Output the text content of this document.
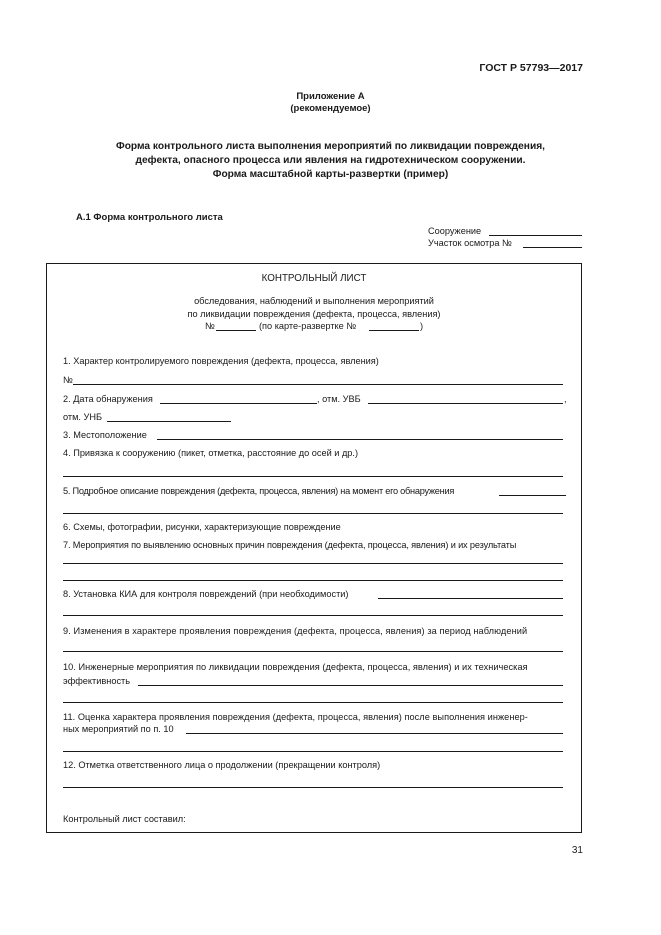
ГОСТ Р 57793—2017
Приложение А
(рекомендуемое)
Форма контрольного листа выполнения мероприятий по ликвидации повреждения,
дефекта, опасного процесса или явления на гидротехническом сооружении.
Форма масштабной карты-развертки (пример)
А.1 Форма контрольного листа
Сооружение
Участок осмотра №
КОНТРОЛЬНЫЙ ЛИСТ
обследования, наблюдений и выполнения мероприятий
по ликвидации повреждения (дефекта, процесса, явления)
№	(по карте-развертке №	)
1. Характер контролируемого повреждения (дефекта, процесса, явления)
№
2. Дата обнаружения	, отм. УВБ	,
отм. УНБ
3. Местоположение
4. Привязка к сооружению (пикет, отметка, расстояние до осей и др.)
5. Подробное описание повреждения (дефекта, процесса, явления) на момент его обнаружения
6. Схемы, фотографии, рисунки, характеризующие повреждение
7. Мероприятия по выявлению основных причин повреждения (дефекта, процесса, явления) и их результаты
8. Установка КИА для контроля повреждений (при необходимости)
9. Изменения в характере проявления повреждения (дефекта, процесса, явления) за период наблюдений
10. Инженерные мероприятия по ликвидации повреждения (дефекта, процесса, явления) и их техническая
эффективность
11. Оценка характера проявления повреждения (дефекта, процесса, явления) после выполнения инженер-
ных мероприятий по п. 10
12. Отметка ответственного лица о продолжении (прекращении контроля)
Контрольный лист составил:
31
